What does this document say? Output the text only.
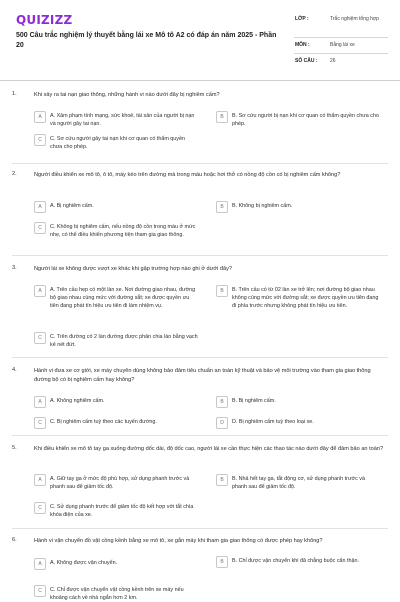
QUIZIZZ
500 Câu trắc nghiệm lý thuyết bằng lái xe Mô tô A2 có đáp án năm 2025 - Phần 20
LỚP :	Trắc nghiệm tổng hợp
MÔN :	Bằng lái xe
SỐ CÂU :	26
1.	Khi xảy ra tai nạn giao thông, những hành vi nào dưới đây bị nghiêm cấm?
A	A. Xâm phạm tính mạng, sức khoẻ, tài sản của người bị nạn và người gây tai nạn.
B	B. Sơ cứu người bị nạn khi cơ quan có thẩm quyền chưa cho phép.
C	C. Sơ cứu người gây tai nạn khi cơ quan có thẩm quyền chưa cho phép.
2.	Người điều khiển xe mô tô, ô tô, máy kéo trên đường mà trong máu hoặc hơi thở có nồng độ cồn có bị nghiêm cấm không?
A	A. Bị nghiêm cấm.	B	B. Không bị nghiêm cấm.
C	C. Không bị nghiêm cấm, nếu nồng độ cồn trong máu ở mức nhẹ, có thể điều khiển phương tiện tham gia giao thông.
3.	Người lái xe không được vượt xe khác khi gặp trường hợp nào ghi ở dưới đây?
A	A. Trên cầu hẹp có một làn xe. Nơi đường giao nhau, đường bộ giao nhau cùng mức với đường sắt; xe được quyền ưu tiên đang phát tín hiệu ưu tiên đi làm nhiệm vụ.
B	B. Trên cầu có từ 02 làn xe trở lên; nơi đường bộ giao nhau không cùng mức với đường sắt; xe được quyền ưu tiên đang đi phía trước nhưng không phát tín hiệu ưu tiên.
C	C. Trên đường có 2 làn đường được phân chia làn bằng vạch kẻ nét đứt.
4.	Hành vi đưa xe cơ giới, xe máy chuyên dùng không bảo đảm tiêu chuẩn an toàn kỹ thuật và bảo vệ môi trường vào tham gia giao thông đường bộ có bị nghiêm cấm hay không?
A	A. Không nghiêm cấm.	B	B. Bị nghiêm cấm.
C	C. Bị nghiêm cấm tuỳ theo các tuyến đường.	D	D. Bị nghiêm cấm tuỳ theo loại xe.
5.	Khi điều khiển xe mô tô tay ga xuống đường dốc dài, độ dốc cao, người lái xe cần thực hiện các thao tác nào dưới đây để đảm bảo an toàn?
A	A. Giữ tay ga ở mức độ phù hợp, sử dụng phanh trước và phanh sau để giảm tốc độ.
B	B. Nhả hết tay ga, tắt động cơ, sử dụng phanh trước và phanh sau để giảm tốc độ.
C	C. Sử dụng phanh trước để giảm tốc độ kết hợp với tắt chìa khóa điện của xe.
6.	Hành vi vận chuyển đồ vật cồng kềnh bằng xe mô tô, xe gắn máy khi tham gia giao thông có được phép hay không?
A	A. Không được vận chuyển.	B	B. Chỉ được vận chuyển khi đã chằng buộc cẩn thận.
C	C. Chỉ được vận chuyển vật cồng kềnh trên xe máy nếu khoảng cách về nhà ngắn hơn 2 km.
